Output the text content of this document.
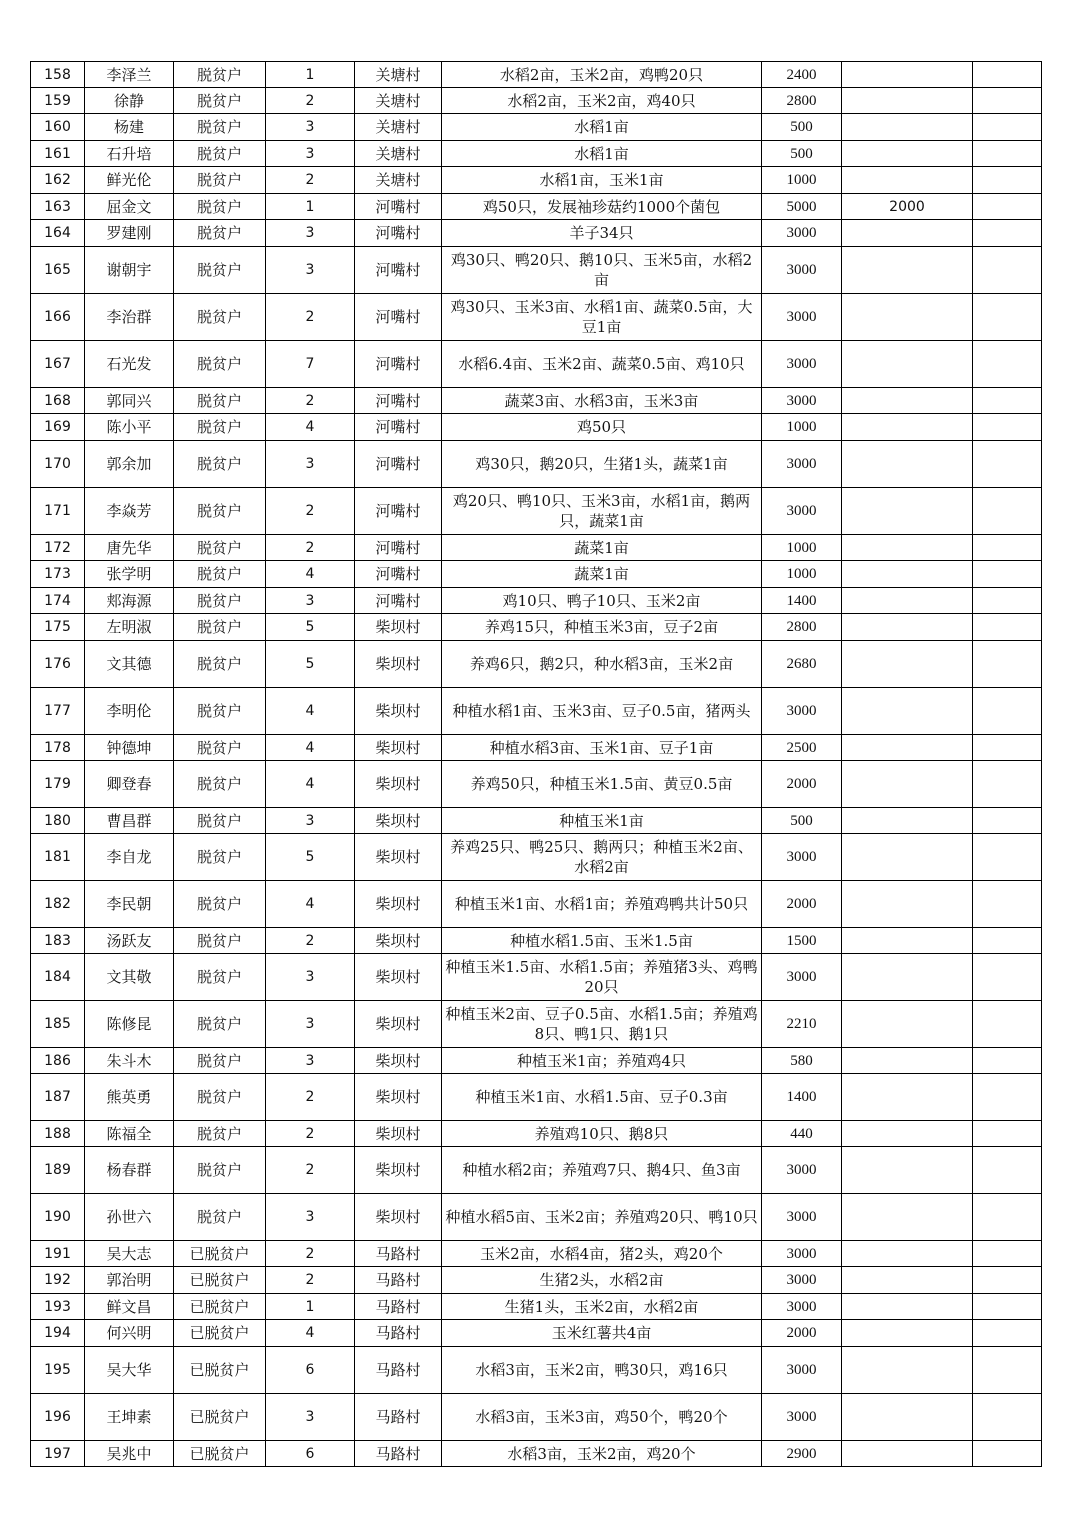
158	李泽兰	脱贫户	1	关塘村	水稻2亩，玉米2亩，鸡鸭20只	2400		
159	徐静	脱贫户	2	关塘村	水稻2亩，玉米2亩，鸡40只	2800		
160	杨建	脱贫户	3	关塘村	水稻1亩	500		
161	石升培	脱贫户	3	关塘村	水稻1亩	500		
162	鲜光伦	脱贫户	2	关塘村	水稻1亩，玉米1亩	1000		
163	屈金文	脱贫户	1	河嘴村	鸡50只，发展袖珍菇约1000个菌包	5000	2000	
164	罗建刚	脱贫户	3	河嘴村	羊子34只	3000		
165	谢朝宇	脱贫户	3	河嘴村	鸡30只、鸭20只、鹅10只、玉米5亩，水稻2亩	3000		
166	李治群	脱贫户	2	河嘴村	鸡30只、玉米3亩、水稻1亩、蔬菜0.5亩，大豆1亩	3000		
167	石光发	脱贫户	7	河嘴村	水稻6.4亩、玉米2亩、蔬菜0.5亩、鸡10只	3000		
168	郭同兴	脱贫户	2	河嘴村	蔬菜3亩、水稻3亩，玉米3亩	3000		
169	陈小平	脱贫户	4	河嘴村	鸡50只	1000		
170	郭余加	脱贫户	3	河嘴村	鸡30只，鹅20只，生猪1头，蔬菜1亩	3000		
171	李焱芳	脱贫户	2	河嘴村	鸡20只、鸭10只、玉米3亩，水稻1亩，鹅两只，蔬菜1亩	3000		
172	唐先华	脱贫户	2	河嘴村	蔬菜1亩	1000		
173	张学明	脱贫户	4	河嘴村	蔬菜1亩	1000		
174	郏海源	脱贫户	3	河嘴村	鸡10只、鸭子10只、玉米2亩	1400		
175	左明淑	脱贫户	5	柴坝村	养鸡15只，种植玉米3亩，豆子2亩	2800		
176	文其德	脱贫户	5	柴坝村	养鸡6只，鹅2只，种水稻3亩，玉米2亩	2680		
177	李明伦	脱贫户	4	柴坝村	种植水稻1亩、玉米3亩、豆子0.5亩，猪两头	3000		
178	钟德坤	脱贫户	4	柴坝村	种植水稻3亩、玉米1亩、豆子1亩	2500		
179	卿登春	脱贫户	4	柴坝村	养鸡50只，种植玉米1.5亩、黄豆0.5亩	2000		
180	曹昌群	脱贫户	3	柴坝村	种植玉米1亩	500		
181	李自龙	脱贫户	5	柴坝村	养鸡25只、鸭25只、鹅两只；种植玉米2亩、水稻2亩	3000		
182	李民朝	脱贫户	4	柴坝村	种植玉米1亩、水稻1亩；养殖鸡鸭共计50只	2000		
183	汤跃友	脱贫户	2	柴坝村	种植水稻1.5亩、玉米1.5亩	1500		
184	文其敬	脱贫户	3	柴坝村	种植玉米1.5亩、水稻1.5亩；养殖猪3头、鸡鸭20只	3000		
185	陈修昆	脱贫户	3	柴坝村	种植玉米2亩、豆子0.5亩、水稻1.5亩；养殖鸡8只、鸭1只、鹅1只	2210		
186	朱斗木	脱贫户	3	柴坝村	种植玉米1亩；养殖鸡4只	580		
187	熊英勇	脱贫户	2	柴坝村	种植玉米1亩、水稻1.5亩、豆子0.3亩	1400		
188	陈福全	脱贫户	2	柴坝村	养殖鸡10只、鹅8只	440		
189	杨春群	脱贫户	2	柴坝村	种植水稻2亩；养殖鸡7只、鹅4只、鱼3亩	3000		
190	孙世六	脱贫户	3	柴坝村	种植水稻5亩、玉米2亩；养殖鸡20只、鸭10只	3000		
191	吴大志	已脱贫户	2	马路村	玉米2亩，水稻4亩，猪2头，鸡20个	3000		
192	郭治明	已脱贫户	2	马路村	生猪2头，水稻2亩	3000		
193	鲜文昌	已脱贫户	1	马路村	生猪1头，玉米2亩，水稻2亩	3000		
194	何兴明	已脱贫户	4	马路村	玉米红薯共4亩	2000		
195	吴大华	已脱贫户	6	马路村	水稻3亩，玉米2亩，鸭30只，鸡16只	3000		
196	王坤素	已脱贫户	3	马路村	水稻3亩，玉米3亩，鸡50个，鸭20个	3000		
197	吴兆中	已脱贫户	6	马路村	水稻3亩，玉米2亩，鸡20个	2900		
